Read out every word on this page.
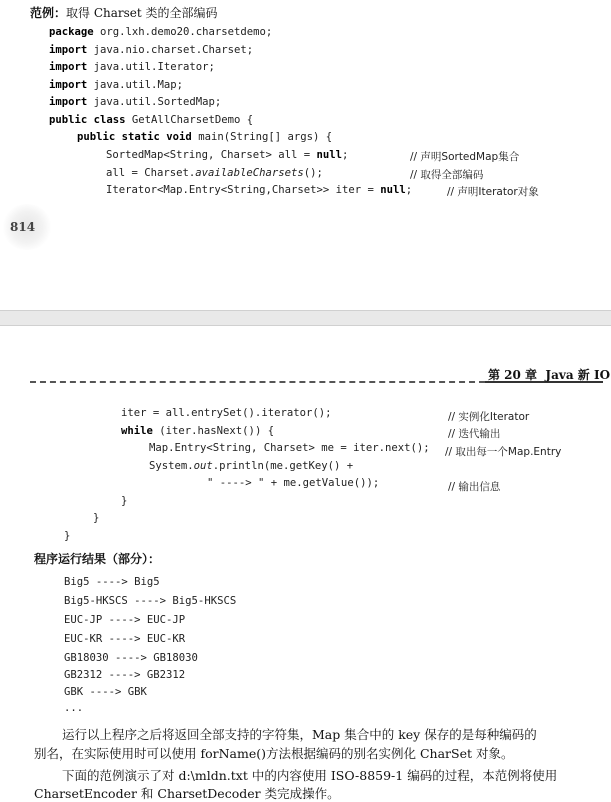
范例：取得 Charset 类的全部编码
package org.lxh.demo20.charsetdemo;
import java.nio.charset.Charset;
import java.util.Iterator;
import java.util.Map;
import java.util.SortedMap;
public class GetAllCharsetDemo {
public static void main(String[] args) {
SortedMap<String, Charset> all = null;	// 声明SortedMap集合
all = Charset.availableCharsets();	// 取得全部编码
Iterator<Map.Entry<String,Charset>> iter = null;	// 声明Iterator对象
814
第 20 章 Java 新 IO
iter = all.entrySet().iterator();	// 实例化Iterator
while (iter.hasNext()) {	// 迭代输出
Map.Entry<String, Charset> me = iter.next(); // 取出每一个Map.Entry
System.out.println(me.getKey() +
" ----> " + me.getValue());	// 输出信息
}
}
}
程序运行结果（部分）：
Big5 ----> Big5
Big5-HKSCS ----> Big5-HKSCS
EUC-JP ----> EUC-JP
EUC-KR ----> EUC-KR
GB18030 ----> GB18030
GB2312 ----> GB2312
GBK ----> GBK
...
运行以上程序之后将返回全部支持的字符集，Map 集合中的 key 保存的是每种编码的
别名，在实际使用时可以使用 forName()方法根据编码的别名实例化 CharSet 对象。
下面的范例演示了对 d:\mldn.txt 中的内容使用 ISO-8859-1 编码的过程，本范例将使用
CharsetEncoder 和 CharsetDecoder 类完成操作。
